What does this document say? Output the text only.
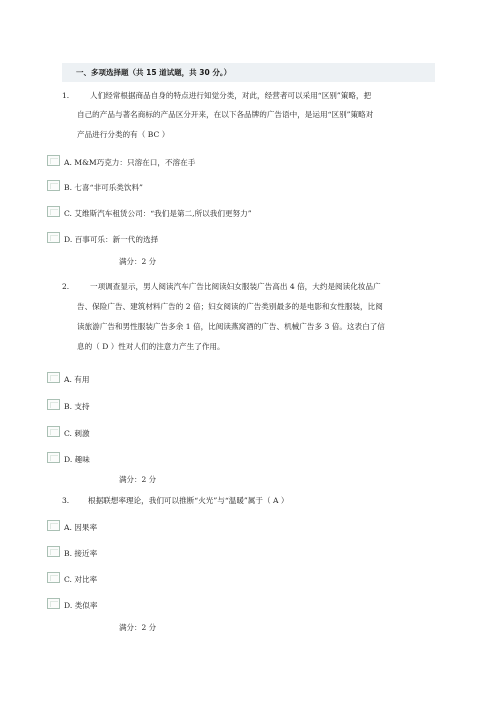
一、多项选择题（共 15 道试题，共 30 分。）
1.	人们经常根据商品自身的特点进行知觉分类，对此，经营者可以采用“区别”策略，把
自己的产品与著名商标的产品区分开来，在以下各品牌的广告语中，是运用“区别”策略对
产品进行分类的有（ BC ）
A. M&M巧克力：只溶在口，不溶在手
B. 七喜“非可乐类饮料”
C. 艾维斯汽车租赁公司：“我们是第二,所以我们更努力”
D. 百事可乐：新一代的选择
满分：2 分
2.	一项调查显示，男人阅读汽车广告比阅读妇女服装广告高出 4 倍，大约是阅读化妆品广
告、保险广告、建筑材料广告的 2 倍；妇女阅读的广告类别最多的是电影和女性服装，比阅
读旅游广告和男性服装广告多余 1 倍，比阅读燕窝酒的广告、机械广告多 3 倍。这表白了信
息的（ D ）性对人们的注意力产生了作用。
A. 有用
B. 支持
C. 刺激
D. 趣味
满分：2 分
3. 根据联想率理论，我们可以推断“火光”与“温暖”属于（ A ）
A. 因果率
B. 接近率
C. 对比率
D. 类似率
满分：2 分
